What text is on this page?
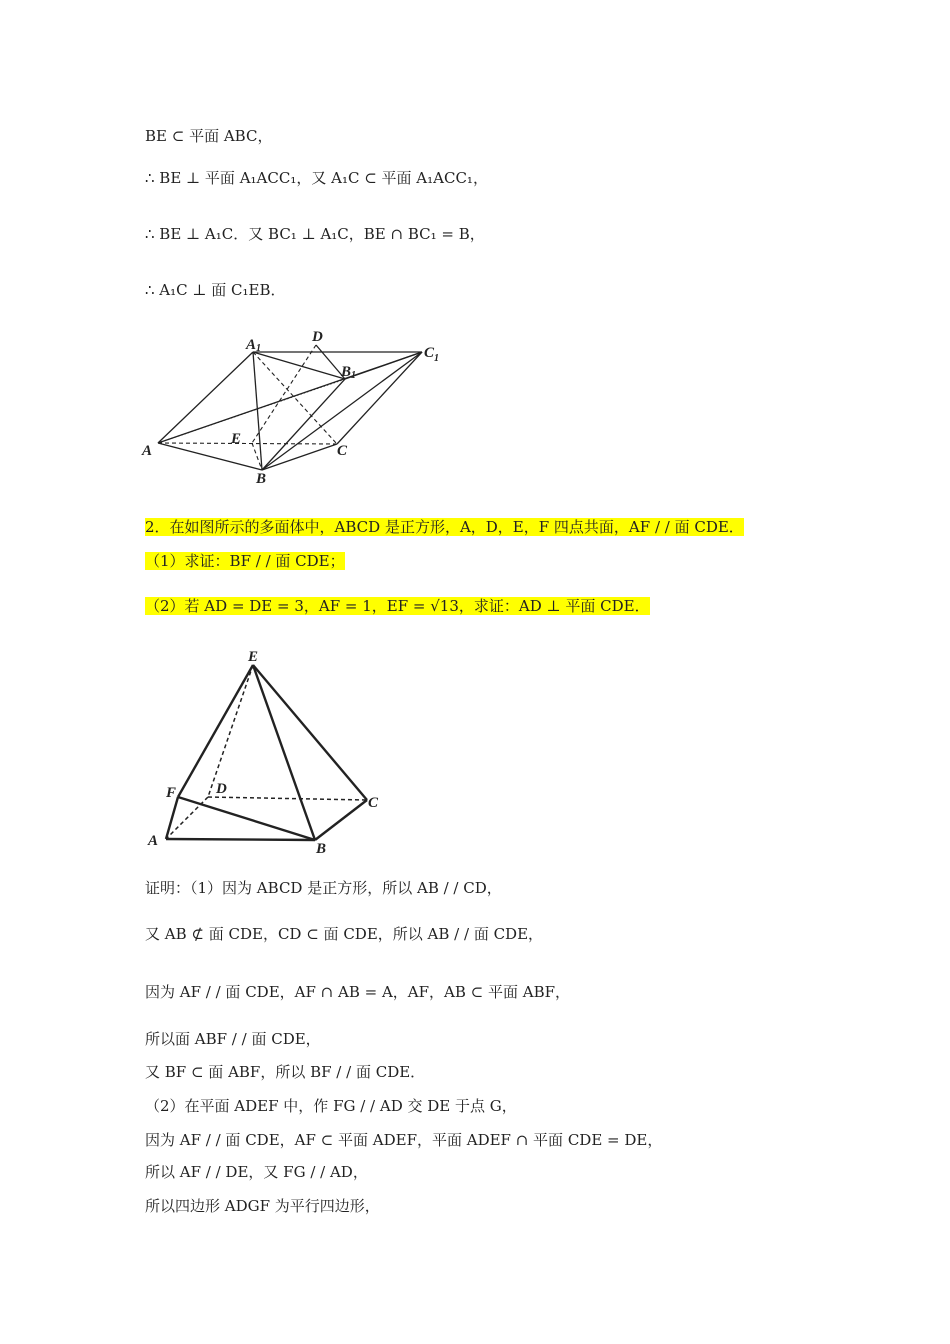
BE ⊂ 平面 ABC，
∴ BE ⊥ 平面 A₁ACC₁，又 A₁C ⊂ 平面 A₁ACC₁，
∴ BE ⊥ A₁C．又 BC₁ ⊥ A₁C，BE ∩ BC₁ = B，
∴ A₁C ⊥ 面 C₁EB．
A1
D
$C_1$
B1
E
C
A
B
2．在如图所示的多面体中，ABCD 是正方形，A，D，E，F 四点共面，AF / / 面 CDE．
（1）求证：BF / / 面 CDE；
（2）若 AD = DE = 3，AF = 1，EF = √13，求证：AD ⊥ 平面 CDE．
E
F	D
C
A	B
证明：（1）因为 ABCD 是正方形，所以 AB / / CD，
又 AB ⊄ 面 CDE，CD ⊂ 面 CDE，所以 AB / / 面 CDE，
因为 AF / / 面 CDE，AF ∩ AB = A，AF，AB ⊂ 平面 ABF，
所以面 ABF / / 面 CDE，
又 BF ⊂ 面 ABF，所以 BF / / 面 CDE．
（2）在平面 ADEF 中，作 FG / / AD 交 DE 于点 G，
因为 AF / / 面 CDE，AF ⊂ 平面 ADEF，平面 ADEF ∩ 平面 CDE = DE，
所以 AF / / DE，又 FG / / AD，
所以四边形 ADGF 为平行四边形，
